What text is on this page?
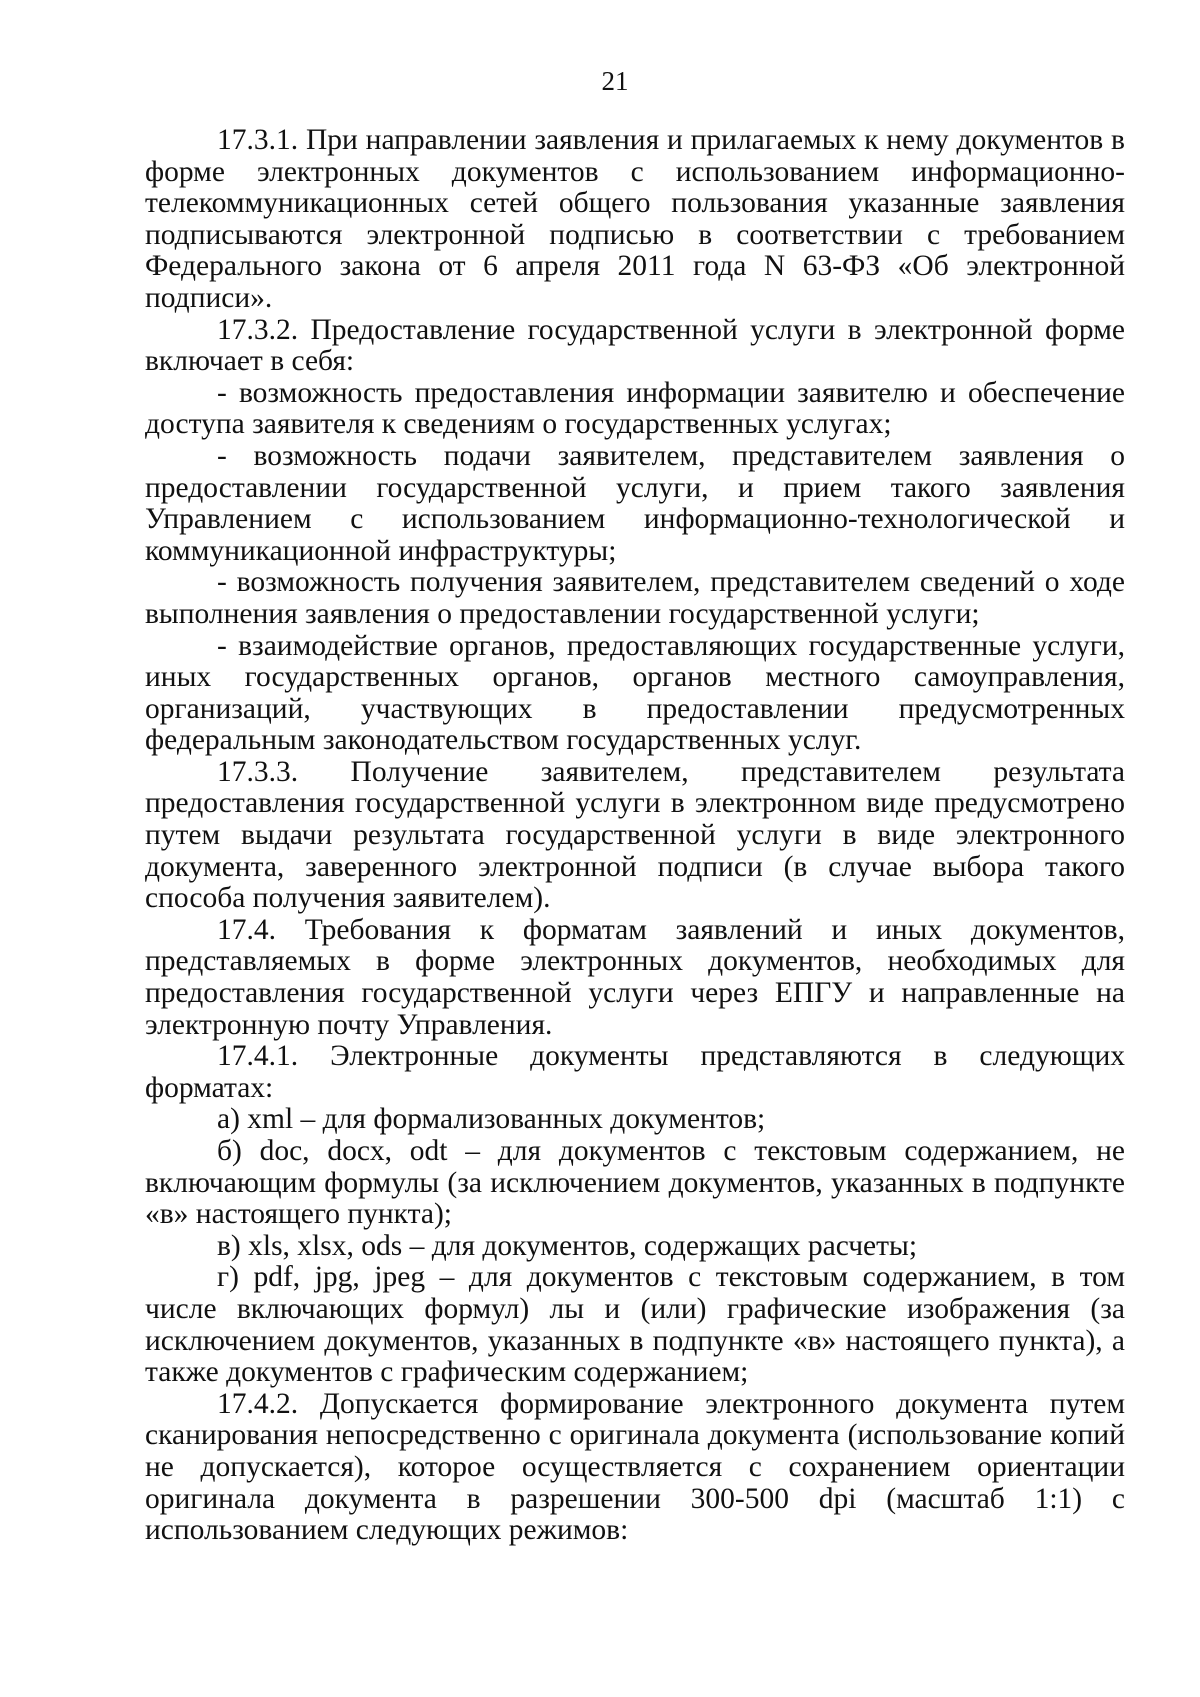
21

17.3.1. При направлении заявления и прилагаемых к нему документов в форме электронных документов с использованием информационно-телекоммуникационных сетей общего пользования указанные заявления подписываются электронной подписью в соответствии с требованием Федерального закона от 6 апреля 2011 года N 63-ФЗ «Об электронной подписи».

17.3.2. Предоставление государственной услуги в электронной форме включает в себя:

- возможность предоставления информации заявителю и обеспечение доступа заявителя к сведениям о государственных услугах;

- возможность подачи заявителем, представителем заявления о предоставлении государственной услуги, и прием такого заявления Управлением с использованием информационно-технологической и коммуникационной инфраструктуры;

- возможность получения заявителем, представителем сведений о ходе выполнения заявления о предоставлении государственной услуги;

- взаимодействие органов, предоставляющих государственные услуги, иных государственных органов, органов местного самоуправления, организаций, участвующих в предоставлении предусмотренных федеральным законодательством государственных услуг.

17.3.3. Получение заявителем, представителем результата предоставления государственной услуги в электронном виде предусмотрено путем выдачи результата государственной услуги в виде электронного документа, заверенного электронной подписи (в случае выбора такого способа получения заявителем).

17.4. Требования к форматам заявлений и иных документов, представляемых в форме электронных документов, необходимых для предоставления государственной услуги через ЕПГУ и направленные на электронную почту Управления.

17.4.1. Электронные документы представляются в следующих форматах:

а) xml – для формализованных документов;

б) doc, docx, odt – для документов с текстовым содержанием, не включающим формулы (за исключением документов, указанных в подпункте «в» настоящего пункта);

в) xls, xlsx, ods – для документов, содержащих расчеты;

г) pdf, jpg, jpeg – для документов с текстовым содержанием, в том числе включающих формул) лы и (или) графические изображения (за исключением документов, указанных в подпункте «в» настоящего пункта), а также документов с графическим содержанием;

17.4.2. Допускается формирование электронного документа путем сканирования непосредственно с оригинала документа (использование копий не допускается), которое осуществляется с сохранением ориентации оригинала документа в разрешении 300-500 dpi (масштаб 1:1) с использованием следующих режимов:
